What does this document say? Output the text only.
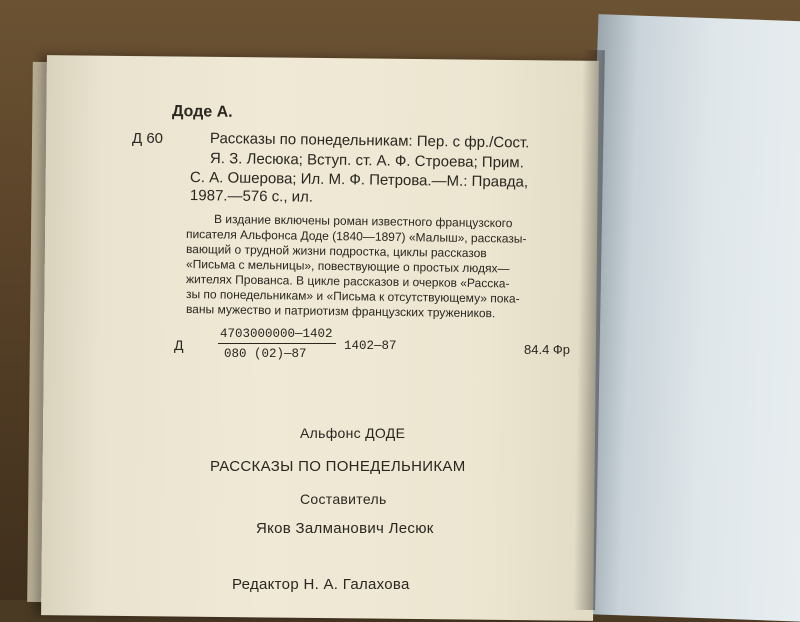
Доде А.
Д 60	Рассказы по понедельникам: Пер. с фр./Сост.
Я. З. Лесюка; Вступ. ст. А. Ф. Строева; Прим.
С. А. Ошерова; Ил. М. Ф. Петрова.—М.: Правда,
1987.—576 с., ил.
В издание включены роман известного французского
писателя Альфонса Доде (1840—1897) «Малыш», рассказы-
вающий о трудной жизни подростка, циклы рассказов
«Письма с мельницы», повествующие о простых людях—
жителях Прованса. В цикле рассказов и очерков «Расска-
зы по понедельникам» и «Письма к отсутствующему» пока-
ваны мужество и патриотизм французских тружеников.
Д
4703000000—1402
080 (02)—87
1402—87	84.4 Фр
Альфонс ДОДЕ
РАССКАЗЫ ПО ПОНЕДЕЛЬНИКАМ
Составитель
Яков Залманович Лесюк
Редактор Н. А. Галахова
